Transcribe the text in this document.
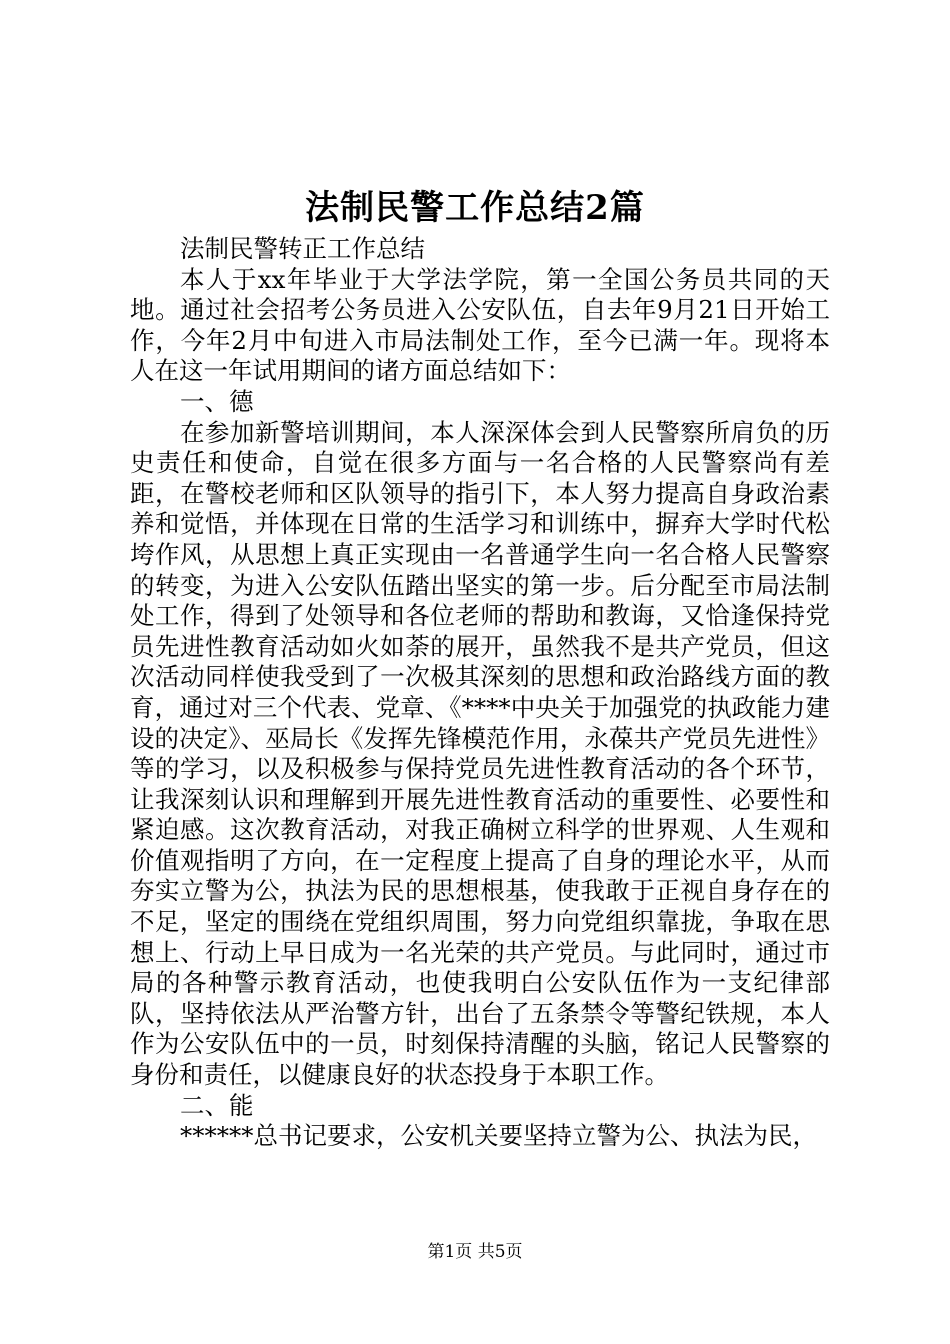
法制民警工作总结2篇

法制民警转正工作总结

本人于xx年毕业于大学法学院，第一全国公务员共同的天地。通过社会招考公务员进入公安队伍，自去年9月21日开始工作，今年2月中旬进入市局法制处工作，至今已满一年。现将本人在这一年试用期间的诸方面总结如下：

一、德

在参加新警培训期间，本人深深体会到人民警察所肩负的历史责任和使命，自觉在很多方面与一名合格的人民警察尚有差距，在警校老师和区队领导的指引下，本人努力提高自身政治素养和觉悟，并体现在日常的生活学习和训练中，摒弃大学时代松垮作风，从思想上真正实现由一名普通学生向一名合格人民警察的转变，为进入公安队伍踏出坚实的第一步。后分配至市局法制处工作，得到了处领导和各位老师的帮助和教诲，又恰逢保持党员先进性教育活动如火如荼的展开，虽然我不是共产党员，但这次活动同样使我受到了一次极其深刻的思想和政治路线方面的教育，通过对三个代表、党章、《****中央关于加强党的执政能力建设的决定》、巫局长《发挥先锋模范作用，永葆共产党员先进性》等的学习，以及积极参与保持党员先进性教育活动的各个环节，让我深刻认识和理解到开展先进性教育活动的重要性、必要性和紧迫感。这次教育活动，对我正确树立科学的世界观、人生观和价值观指明了方向，在一定程度上提高了自身的理论水平，从而夯实立警为公，执法为民的思想根基，使我敢于正视自身存在的不足，坚定的围绕在党组织周围，努力向党组织靠拢，争取在思想上、行动上早日成为一名光荣的共产党员。与此同时，通过市局的各种警示教育活动，也使我明白公安队伍作为一支纪律部队，坚持依法从严治警方针，出台了五条禁令等警纪铁规，本人作为公安队伍中的一员，时刻保持清醒的头脑，铭记人民警察的身份和责任，以健康良好的状态投身于本职工作。

二、能

******总书记要求，公安机关要坚持立警为公、执法为民，

第1页 共5页
